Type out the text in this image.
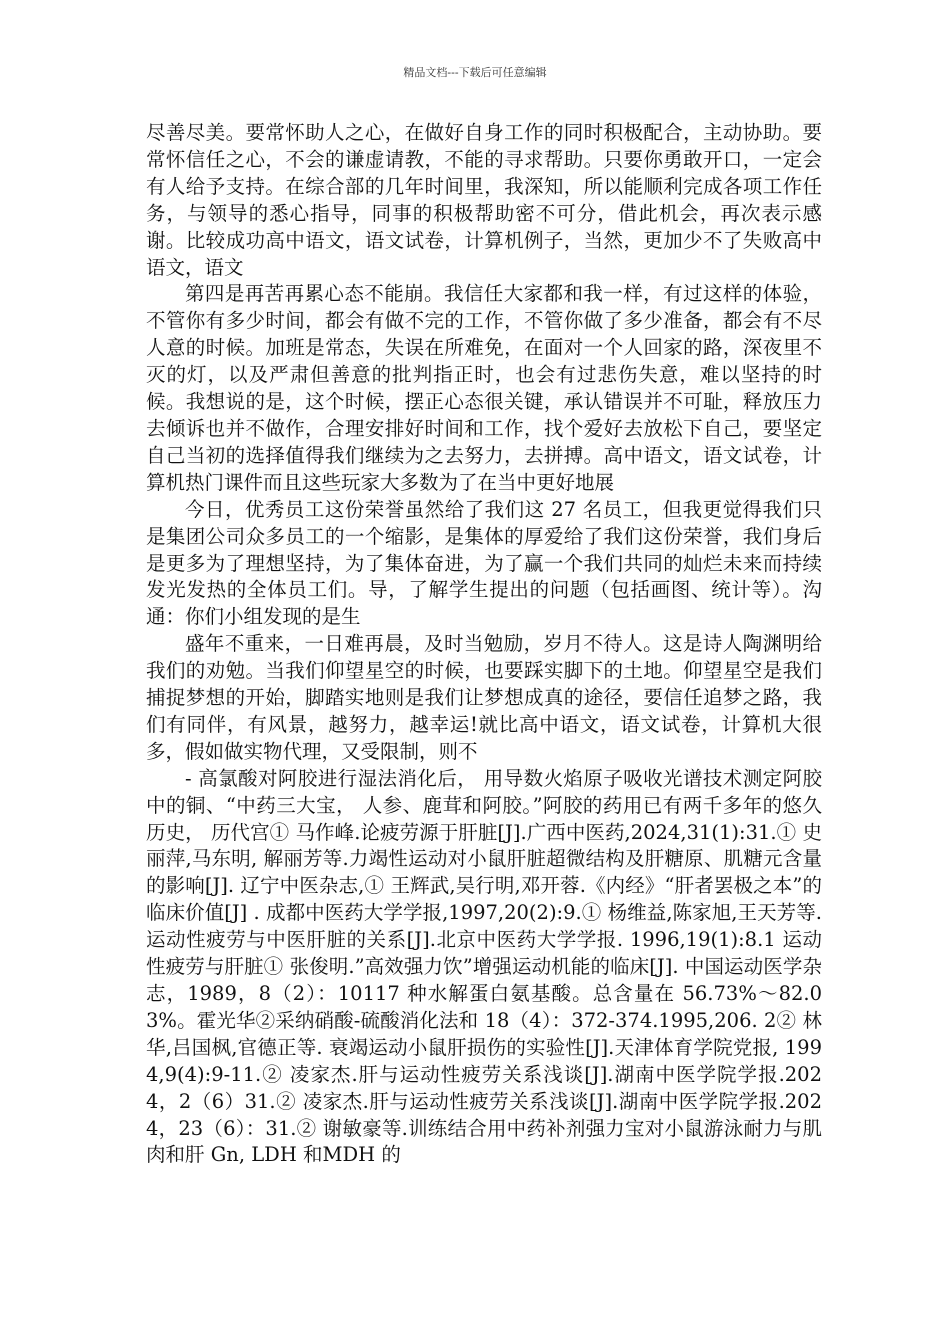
精品文档---下载后可任意编辑

尽善尽美。要常怀助人之心，在做好自身工作的同时积极配合，主动协助。要常怀信任之心，不会的谦虚请教，不能的寻求帮助。只要你勇敢开口，一定会有人给予支持。在综合部的几年时间里，我深知，所以能顺利完成各项工作任务，与领导的悉心指导，同事的积极帮助密不可分，借此机会，再次表示感谢。比较成功高中语文，语文试卷，计算机例子，当然，更加少不了失败高中语文，语文

第四是再苦再累心态不能崩。我信任大家都和我一样，有过这样的体验，不管你有多少时间，都会有做不完的工作，不管你做了多少准备，都会有不尽人意的时候。加班是常态，失误在所难免，在面对一个人回家的路，深夜里不灭的灯，以及严肃但善意的批判指正时，也会有过悲伤失意，难以坚持的时候。我想说的是，这个时候，摆正心态很关键，承认错误并不可耻，释放压力去倾诉也并不做作，合理安排好时间和工作，找个爱好去放松下自己，要坚定自己当初的选择值得我们继续为之去努力，去拼搏。高中语文，语文试卷，计算机热门课件而且这些玩家大多数为了在当中更好地展

今日，优秀员工这份荣誉虽然给了我们这 27 名员工，但我更觉得我们只是集团公司众多员工的一个缩影，是集体的厚爱给了我们这份荣誉，我们身后是更多为了理想坚持，为了集体奋进，为了赢一个我们共同的灿烂未来而持续发光发热的全体员工们。导，了解学生提出的问题（包括画图、统计等）。沟通：你们小组发现的是生

盛年不重来，一日难再晨，及时当勉励，岁月不待人。这是诗人陶渊明给我们的劝勉。当我们仰望星空的时候，也要踩实脚下的土地。仰望星空是我们捕捉梦想的开始，脚踏实地则是我们让梦想成真的途径，要信任追梦之路，我们有同伴，有风景，越努力，越幸运!就比高中语文，语文试卷，计算机大很多，假如做实物代理，又受限制，则不

- 高氯酸对阿胶进行湿法消化后， 用导数火焰原子吸收光谱技术测定阿胶中的铜、“中药三大宝， 人参、鹿茸和阿胶。”阿胶的药用已有两千多年的悠久历史， 历代宫① 马作峰.论疲劳源于肝脏[J].广西中医药,2024,31(1):31.① 史丽萍,马东明, 解丽芳等.力竭性运动对小鼠肝脏超微结构及肝糖原、肌糖元含量的影响[J]. 辽宁中医杂志,① 王辉武,吴行明,邓开蓉.《内经》“肝者罢极之本”的临床价值[J] . 成都中医药大学学报,1997,20(2):9.① 杨维益,陈家旭,王天芳等.运动性疲劳与中医肝脏的关系[J].北京中医药大学学报. 1996,19(1):8.1 运动性疲劳与肝脏① 张俊明.”高效强力饮”增强运动机能的临床[J]. 中国运动医学杂志，1989，8（2）：10117 种水解蛋白氨基酸。总含量在 56.73%～82.03%。霍光华②采纳硝酸-硫酸消化法和 18（4）：372-374.1995,206. 2② 林华,吕国枫,官德正等. 衰竭运动小鼠肝损伤的实验性[J].天津体育学院党报, 1994,9(4):9-11.② 凌家杰.肝与运动性疲劳关系浅谈[J].湖南中医学院学报.2024，2（6）31.② 凌家杰.肝与运动性疲劳关系浅谈[J].湖南中医学院学报.2024，23（6）：31.② 谢敏豪等.训练结合用中药补剂强力宝对小鼠游泳耐力与肌肉和肝 Gn, LDH 和MDH 的
